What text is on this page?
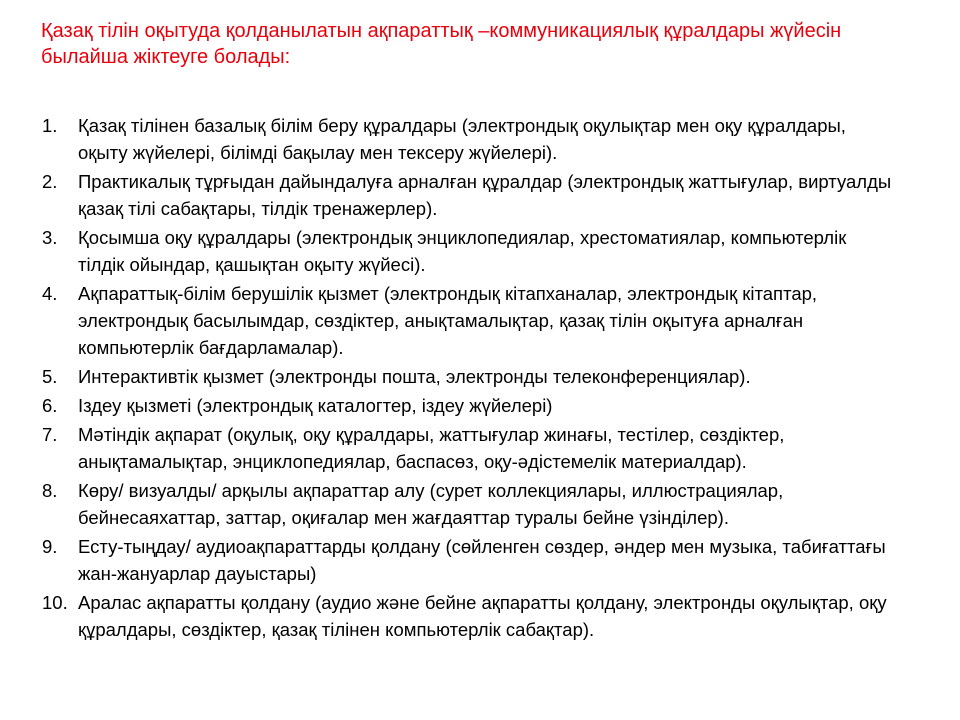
Қазақ тілін оқытуда қолданылатын ақпараттық –коммуникациялық құралдары жүйесін былайша жіктеуге болады:
1.	Қазақ тілінен базалық білім беру құралдары (электрондық оқулықтар мен оқу құралдары, оқыту жүйелері, білімді бақылау мен тексеру жүйелері).
2.	Практикалық тұрғыдан дайындалуға арналған құралдар (электрондық жаттығулар, виртуалды қазақ тілі сабақтары, тілдік тренажерлер).
3.	Қосымша оқу құралдары (электрондық энциклопедиялар, хрестоматиялар, компьютерлік тілдік ойындар, қашықтан оқыту жүйесі).
4.	Ақпараттық-білім берушілік қызмет (электрондық кітапханалар, электрондық кітаптар, электрондық басылымдар, сөздіктер, анықтамалықтар, қазақ тілін оқытуға арналған компьютерлік бағдарламалар).
5.	Интерактивтік қызмет (электронды пошта, электронды телеконференциялар).
6.	Іздеу қызметі (электрондық каталогтер, іздеу жүйелері)
7.	Мәтіндік ақпарат (оқулық, оқу құралдары, жаттығулар жинағы, тестілер, сөздіктер, анықтамалықтар, энциклопедиялар, баспасөз, оқу-әдістемелік материалдар).
8.	Көру/ визуалды/ арқылы ақпараттар алу (сурет коллекциялары, иллюстрациялар, бейнесаяхаттар, заттар, оқиғалар мен жағдаяттар туралы бейне үзінділер).
9.	Есту-тыңдау/ аудиоақпараттарды қолдану (сөйленген сөздер, әндер мен музыка, табиғаттағы жан-жануарлар дауыстары)
10. Аралас ақпаратты қолдану (аудио және бейне ақпаратты қолдану, электронды оқулықтар, оқу құралдары, сөздіктер, қазақ тілінен компьютерлік сабақтар).
